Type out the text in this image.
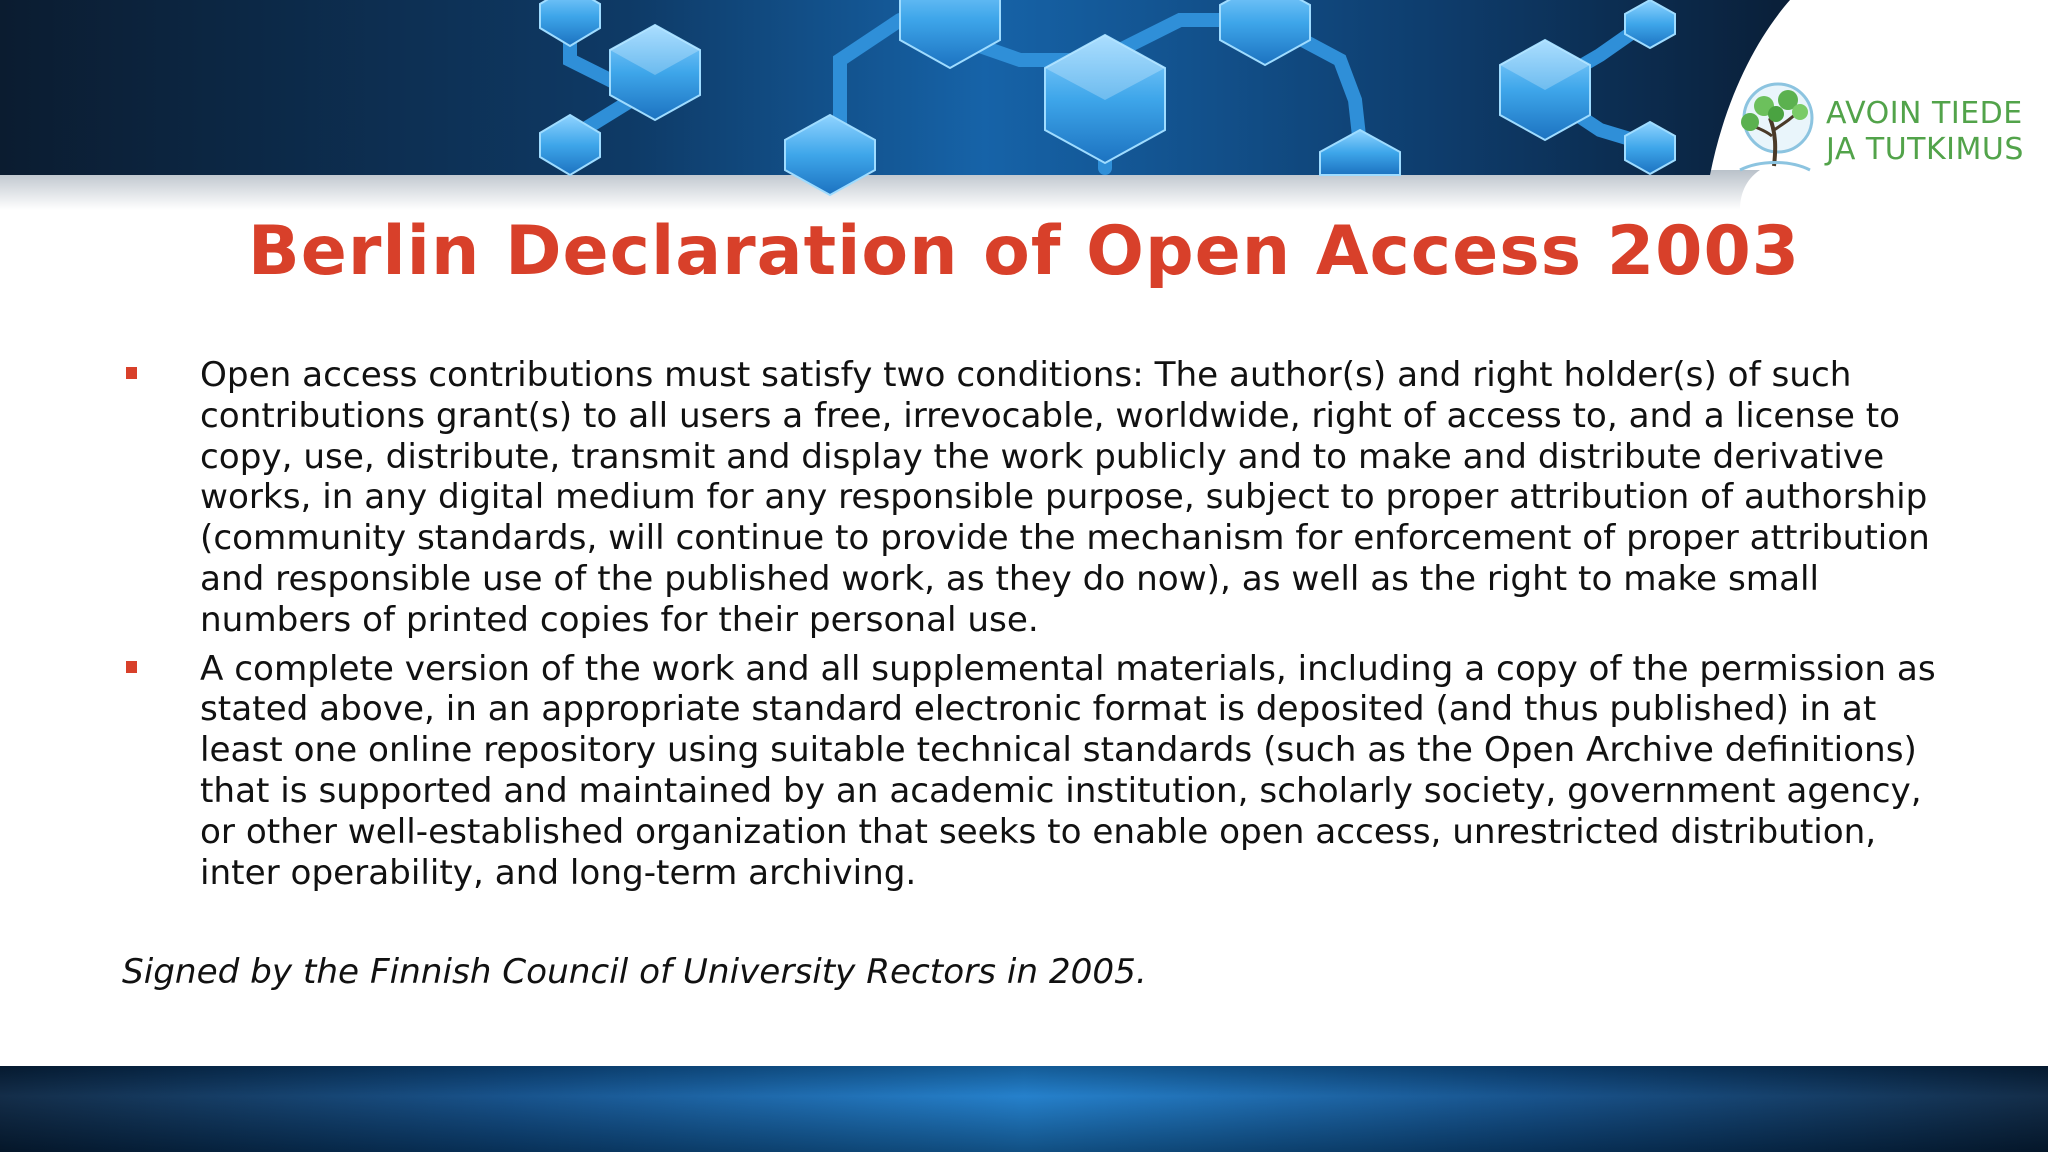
AVOIN TIEDE
JA TUTKIMUS
Berlin Declaration of Open Access 2003
Open access contributions must satisfy two conditions: The author(s) and right holder(s) of such contributions grant(s) to all users a free, irrevocable, worldwide, right of access to, and a license to copy, use, distribute, transmit and display the work publicly and to make and distribute derivative works, in any digital medium for any responsible purpose, subject to proper attribution of authorship (community standards, will continue to provide the mechanism for enforcement of proper attribution and responsible use of the published work, as they do now), as well as the right to make small numbers of printed copies for their personal use.
A complete version of the work and all supplemental materials, including a copy of the permission as stated above, in an appropriate standard electronic format is deposited (and thus published) in at least one online repository using suitable technical standards (such as the Open Archive definitions) that is supported and maintained by an academic institution, scholarly society, government agency, or other well-established organization that seeks to enable open access, unrestricted distribution, inter operability, and long-term archiving.
Signed by the Finnish Council of University Rectors in 2005.
